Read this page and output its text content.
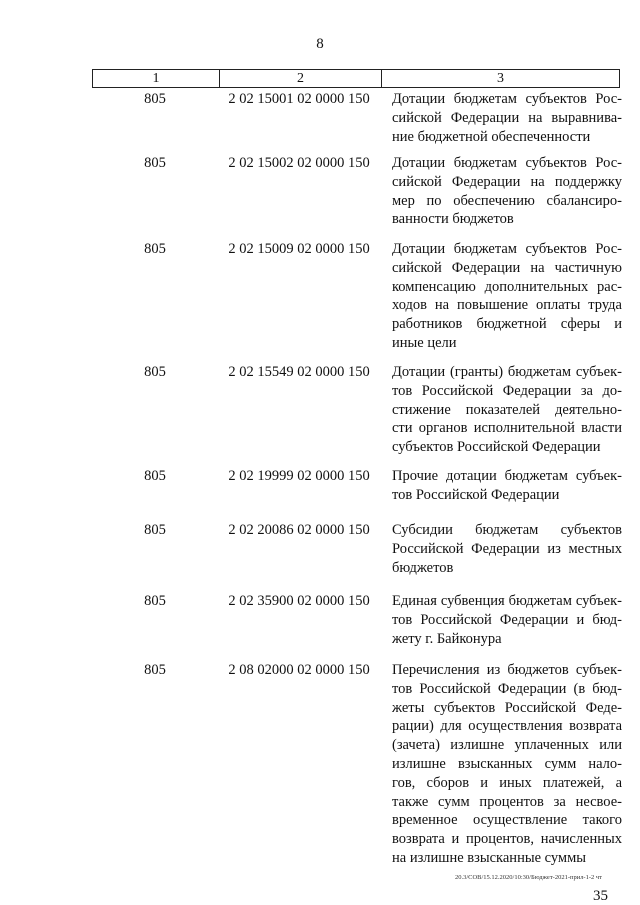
8
1	2	3
805	2 02 15001 02 0000 150	Дотации бюджетам субъектов Рос-
сийской Федерации на выравнива-
ние бюджетной обеспеченности
805	2 02 15002 02 0000 150	Дотации бюджетам субъектов Рос-
сийской Федерации на поддержку
мер по обеспечению сбалансиро-
ванности бюджетов
805	2 02 15009 02 0000 150	Дотации бюджетам субъектов Рос-
сийской Федерации на частичную
компенсацию дополнительных рас-
ходов на повышение оплаты труда
работников бюджетной сферы и
иные цели
805	2 02 15549 02 0000 150	Дотации (гранты) бюджетам субъек-
тов Российской Федерации за до-
стижение показателей деятельно-
сти органов исполнительной власти
субъектов Российской Федерации
805	2 02 19999 02 0000 150	Прочие дотации бюджетам субъек-
тов Российской Федерации
805	2 02 20086 02 0000 150	Субсидии бюджетам субъектов
Российской Федерации из местных
бюджетов
805	2 02 35900 02 0000 150	Единая субвенция бюджетам субъек-
тов Российской Федерации и бюд-
жету г. Байконура
805	2 08 02000 02 0000 150	Перечисления из бюджетов субъек-
тов Российской Федерации (в бюд-
жеты субъектов Российской Феде-
рации) для осуществления возврата
(зачета) излишне уплаченных или
излишне взысканных сумм нало-
гов, сборов и иных платежей, а
также сумм процентов за несвое-
временное осуществление такого
возврата и процентов, начисленных
на излишне взысканные суммы
20.3/СОВ/15.12.2020/10:30/Бюджет-2021-прил-1-2 чт
35
